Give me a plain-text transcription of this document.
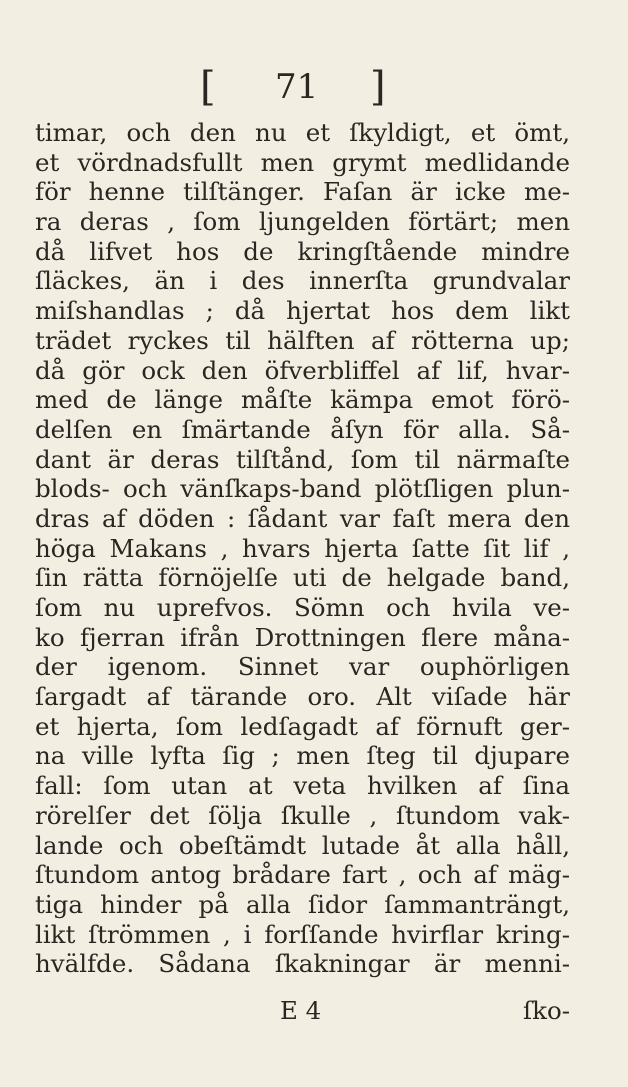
[ 71 ]
timar, och den nu et ſkyldigt, et ömt,
et vördnadsfullt men grymt medlidande
för henne tilſtänger. Faſan är icke me-
ra deras , ſom ljungelden förtärt; men
då lifvet hos de kringſtående mindre
ſläckes, än i des innerſta grundvalar
miſshandlas ; då hjertat hos dem likt
trädet ryckes til hälften af rötterna up;
då gör ock den öfverbliffel af lif, hvar-
med de länge måſte kämpa emot förö-
delſen en ſmärtande åſyn för alla. Så-
dant är deras tilſtånd, ſom til närmaſte
blods- och vänſkaps-band plötſligen plun-
dras af döden : ſådant var faſt mera den
höga Makans , hvars hjerta ſatte ſit lif ,
ſin rätta förnöjelſe uti de helgade band,
ſom nu uprefvos. Sömn och hvila ve-
ko fjerran ifrån Drottningen flere måna-
der igenom. Sinnet var ouphörligen
ſargadt af tärande oro. Alt viſade här
et hjerta, ſom ledſagadt af förnuft ger-
na ville lyfta ſig ; men ſteg til djupare
fall: ſom utan at veta hvilken af ſina
rörelſer det ſölja ſkulle , ſtundom vak-
lande och obeſtämdt lutade åt alla håll,
ſtundom antog brådare fart , och af mäg-
tiga hinder på alla ſidor ſammanträngt,
likt ſtrömmen , i forſſande hvirflar kring-
hvälfde. Sådana ſkakningar är menni-
E 4	ſko-
